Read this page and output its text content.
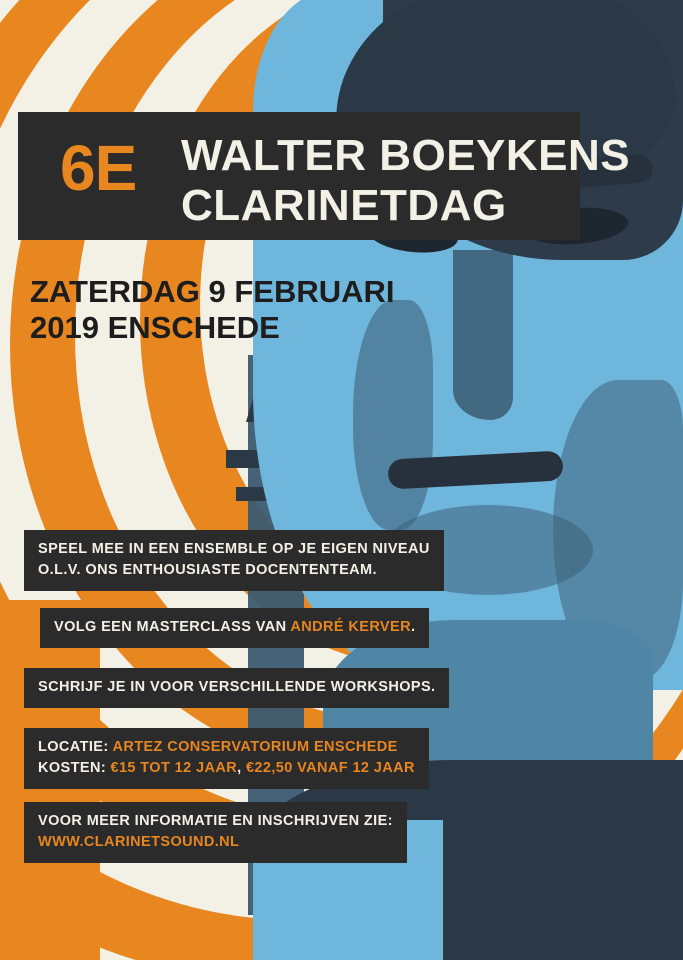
6E WALTER BOEYKENS
CLARINETDAG
ZATERDAG 9 FEBRUARI
2019 ENSCHEDE
SPEEL MEE IN EEN ENSEMBLE OP JE EIGEN NIVEAU
O.L.V. ONS ENTHOUSIASTE DOCENTENTEAM.
VOLG EEN MASTERCLASS VAN ANDRÉ KERVER.
SCHRIJF JE IN VOOR VERSCHILLENDE WORKSHOPS.
LOCATIE: ARTEZ CONSERVATORIUM ENSCHEDE
KOSTEN: €15 TOT 12 JAAR, €22,50 VANAF 12 JAAR
VOOR MEER INFORMATIE EN INSCHRIJVEN ZIE:
WWW.CLARINETSOUND.NL
